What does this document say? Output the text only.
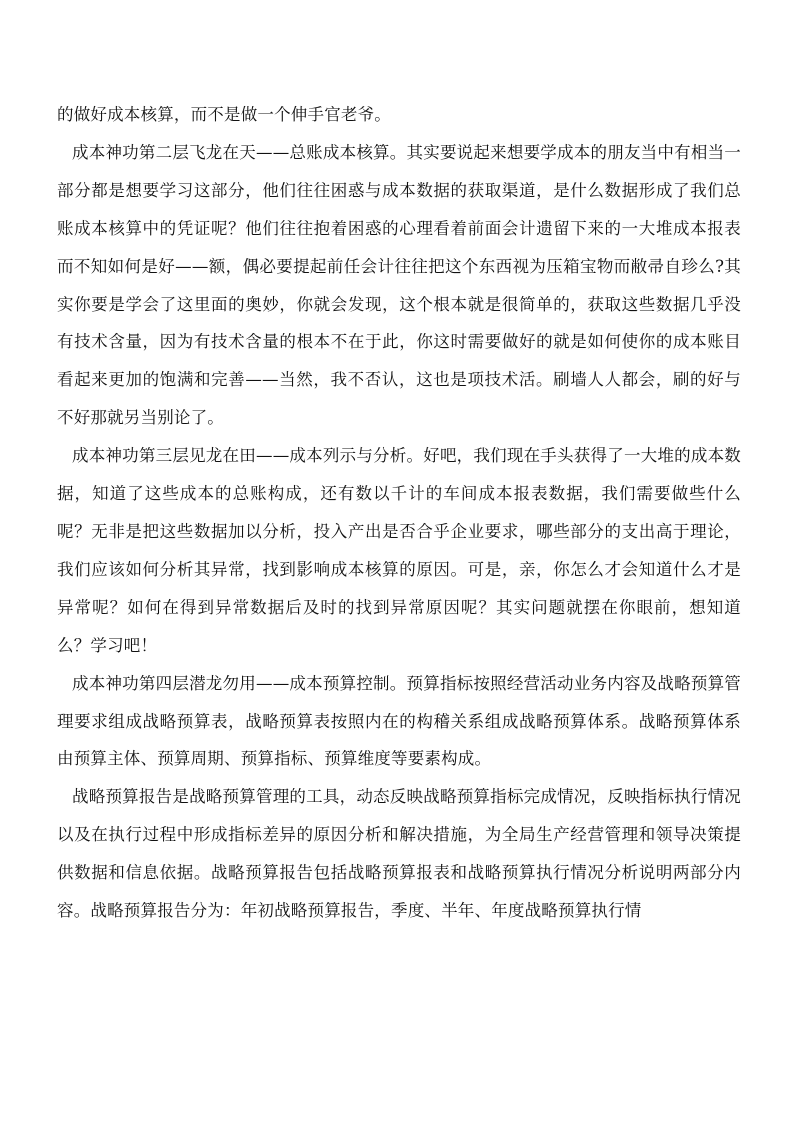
的做好成本核算，而不是做一个伸手官老爷。

成本神功第二层飞龙在天——总账成本核算。其实要说起来想要学成本的朋友当中有相当一部分都是想要学习这部分，他们往往困惑与成本数据的获取渠道，是什么数据形成了我们总账成本核算中的凭证呢？他们往往抱着困惑的心理看着前面会计遗留下来的一大堆成本报表而不知如何是好——额，偶必要提起前任会计往往把这个东西视为压箱宝物而敝帚自珍么?其实你要是学会了这里面的奥妙，你就会发现，这个根本就是很简单的，获取这些数据几乎没有技术含量，因为有技术含量的根本不在于此，你这时需要做好的就是如何使你的成本账目看起来更加的饱满和完善——当然，我不否认，这也是项技术活。刷墙人人都会，刷的好与不好那就另当别论了。

成本神功第三层见龙在田——成本列示与分析。好吧，我们现在手头获得了一大堆的成本数据，知道了这些成本的总账构成，还有数以千计的车间成本报表数据，我们需要做些什么呢？无非是把这些数据加以分析，投入产出是否合乎企业要求，哪些部分的支出高于理论，我们应该如何分析其异常，找到影响成本核算的原因。可是，亲，你怎么才会知道什么才是异常呢？如何在得到异常数据后及时的找到异常原因呢？其实问题就摆在你眼前，想知道么？学习吧！

成本神功第四层潜龙勿用——成本预算控制。预算指标按照经营活动业务内容及战略预算管理要求组成战略预算表，战略预算表按照内在的构稽关系组成战略预算体系。战略预算体系由预算主体、预算周期、预算指标、预算维度等要素构成。

战略预算报告是战略预算管理的工具，动态反映战略预算指标完成情况，反映指标执行情况以及在执行过程中形成指标差异的原因分析和解决措施，为全局生产经营管理和领导决策提供数据和信息依据。战略预算报告包括战略预算报表和战略预算执行情况分析说明两部分内容。战略预算报告分为：年初战略预算报告，季度、半年、年度战略预算执行情
